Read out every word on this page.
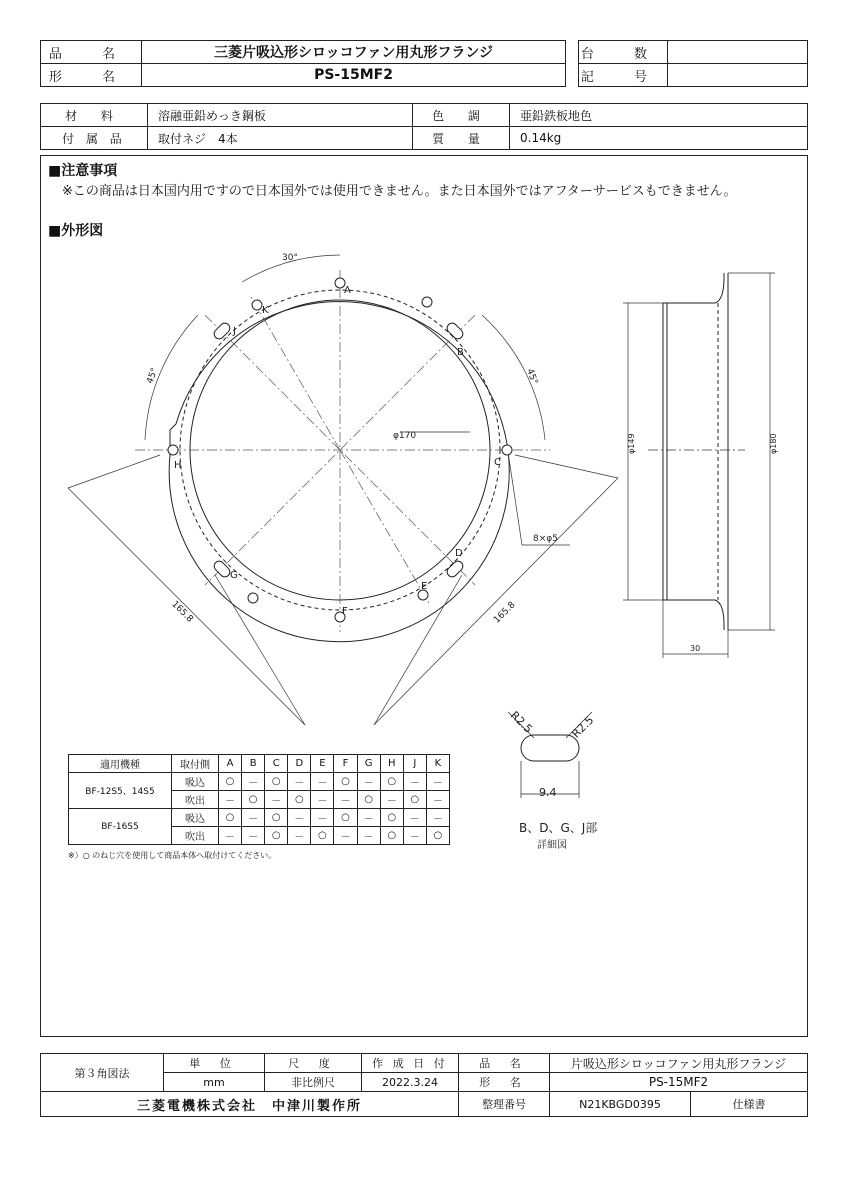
品 名	三菱片吸込形シロッコファン用丸形フランジ
形 名	PS-15MF2
台 数	
記 号	
材 料	溶融亜鉛めっき鋼板	色 調	亜鉛鉄板地色
付 属 品	取付ネジ　4本	質 量	0.14kg
■注意事項
※この商品は日本国内用ですので日本国外では使用できません。また日本国外ではアフターサービスもできません。
■外形図
A
B
C
D
E
F
G
H
J
K
30°
45°	45°
φ170
8×φ5
165.8	165.8
φ149	φ180
30
R2.5	R2.5
9.4
B、D、G、J部
詳細図
適用機種	取付側	A	B	C	D	E	F	G	H	J	K
BF-12S5、14S5	吸込	○	－	○	－	－	○	－	○	－	－
	吹出	－	○	－	○	－	－	○	－	○	－
BF-16S5	吸込	○	－	○	－	－	○	－	○	－	－
	吹出	－	－	○	－	○	－	－	○	－	○
※）○ のねじ穴を使用して商品本体へ取付けてください。
第３角図法	単 位	尺 度	作 成 日 付	品 名	片吸込形シロッコファン用丸形フランジ	
	mm	非比例尺	2022.3.24	形 名	PS-15MF2	
三菱電機株式会社　中津川製作所				整理番号	N21KBGD0395	仕様書
